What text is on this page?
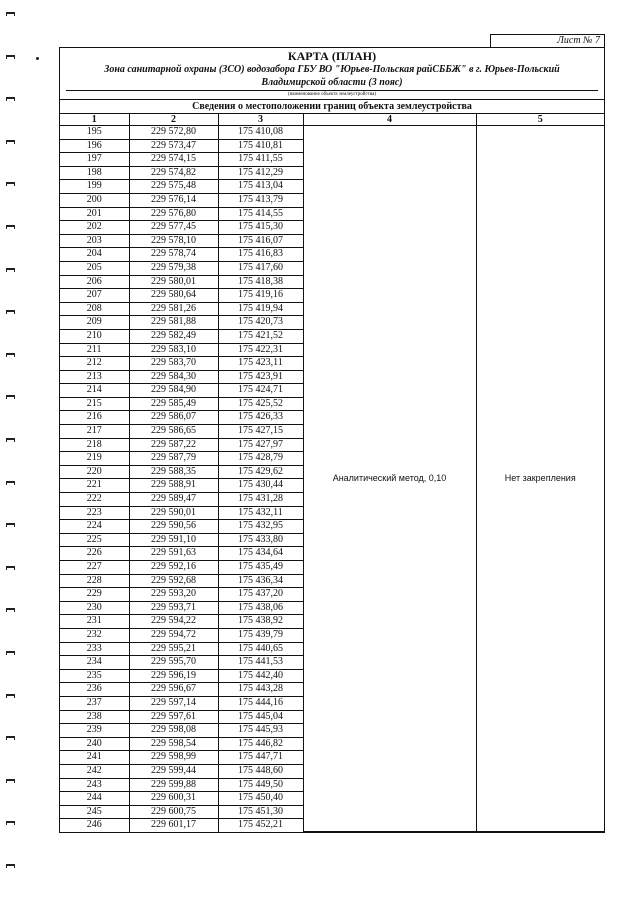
Лист № 7
КАРТА (ПЛАН)
Зона санитарной охраны (ЗСО) водозабора ГБУ ВО "Юрьев-Польская райСББЖ" в г. Юрьев-Польский
Владимирской области (3 пояс)
(наименование объекта землеустройства)
Сведения о местоположении границ объекта землеустройства
1	2	3	4	5
195	229 572,80	175 410,08	Аналитический метод, 0,10	Нет закрепления
196	229 573,47	175 410,81		
197	229 574,15	175 411,55		
198	229 574,82	175 412,29		
199	229 575,48	175 413,04		
200	229 576,14	175 413,79		
201	229 576,80	175 414,55		
202	229 577,45	175 415,30		
203	229 578,10	175 416,07		
204	229 578,74	175 416,83		
205	229 579,38	175 417,60		
206	229 580,01	175 418,38		
207	229 580,64	175 419,16		
208	229 581,26	175 419,94		
209	229 581,88	175 420,73		
210	229 582,49	175 421,52		
211	229 583,10	175 422,31		
212	229 583,70	175 423,11		
213	229 584,30	175 423,91		
214	229 584,90	175 424,71		
215	229 585,49	175 425,52		
216	229 586,07	175 426,33		
217	229 586,65	175 427,15		
218	229 587,22	175 427,97		
219	229 587,79	175 428,79		
220	229 588,35	175 429,62		
221	229 588,91	175 430,44		
222	229 589,47	175 431,28		
223	229 590,01	175 432,11		
224	229 590,56	175 432,95		
225	229 591,10	175 433,80		
226	229 591,63	175 434,64		
227	229 592,16	175 435,49		
228	229 592,68	175 436,34		
229	229 593,20	175 437,20		
230	229 593,71	175 438,06		
231	229 594,22	175 438,92		
232	229 594,72	175 439,79		
233	229 595,21	175 440,65		
234	229 595,70	175 441,53		
235	229 596,19	175 442,40		
236	229 596,67	175 443,28		
237	229 597,14	175 444,16		
238	229 597,61	175 445,04		
239	229 598,08	175 445,93		
240	229 598,54	175 446,82		
241	229 598,99	175 447,71		
242	229 599,44	175 448,60		
243	229 599,88	175 449,50		
244	229 600,31	175 450,40		
245	229 600,75	175 451,30		
246	229 601,17	175 452,21		
